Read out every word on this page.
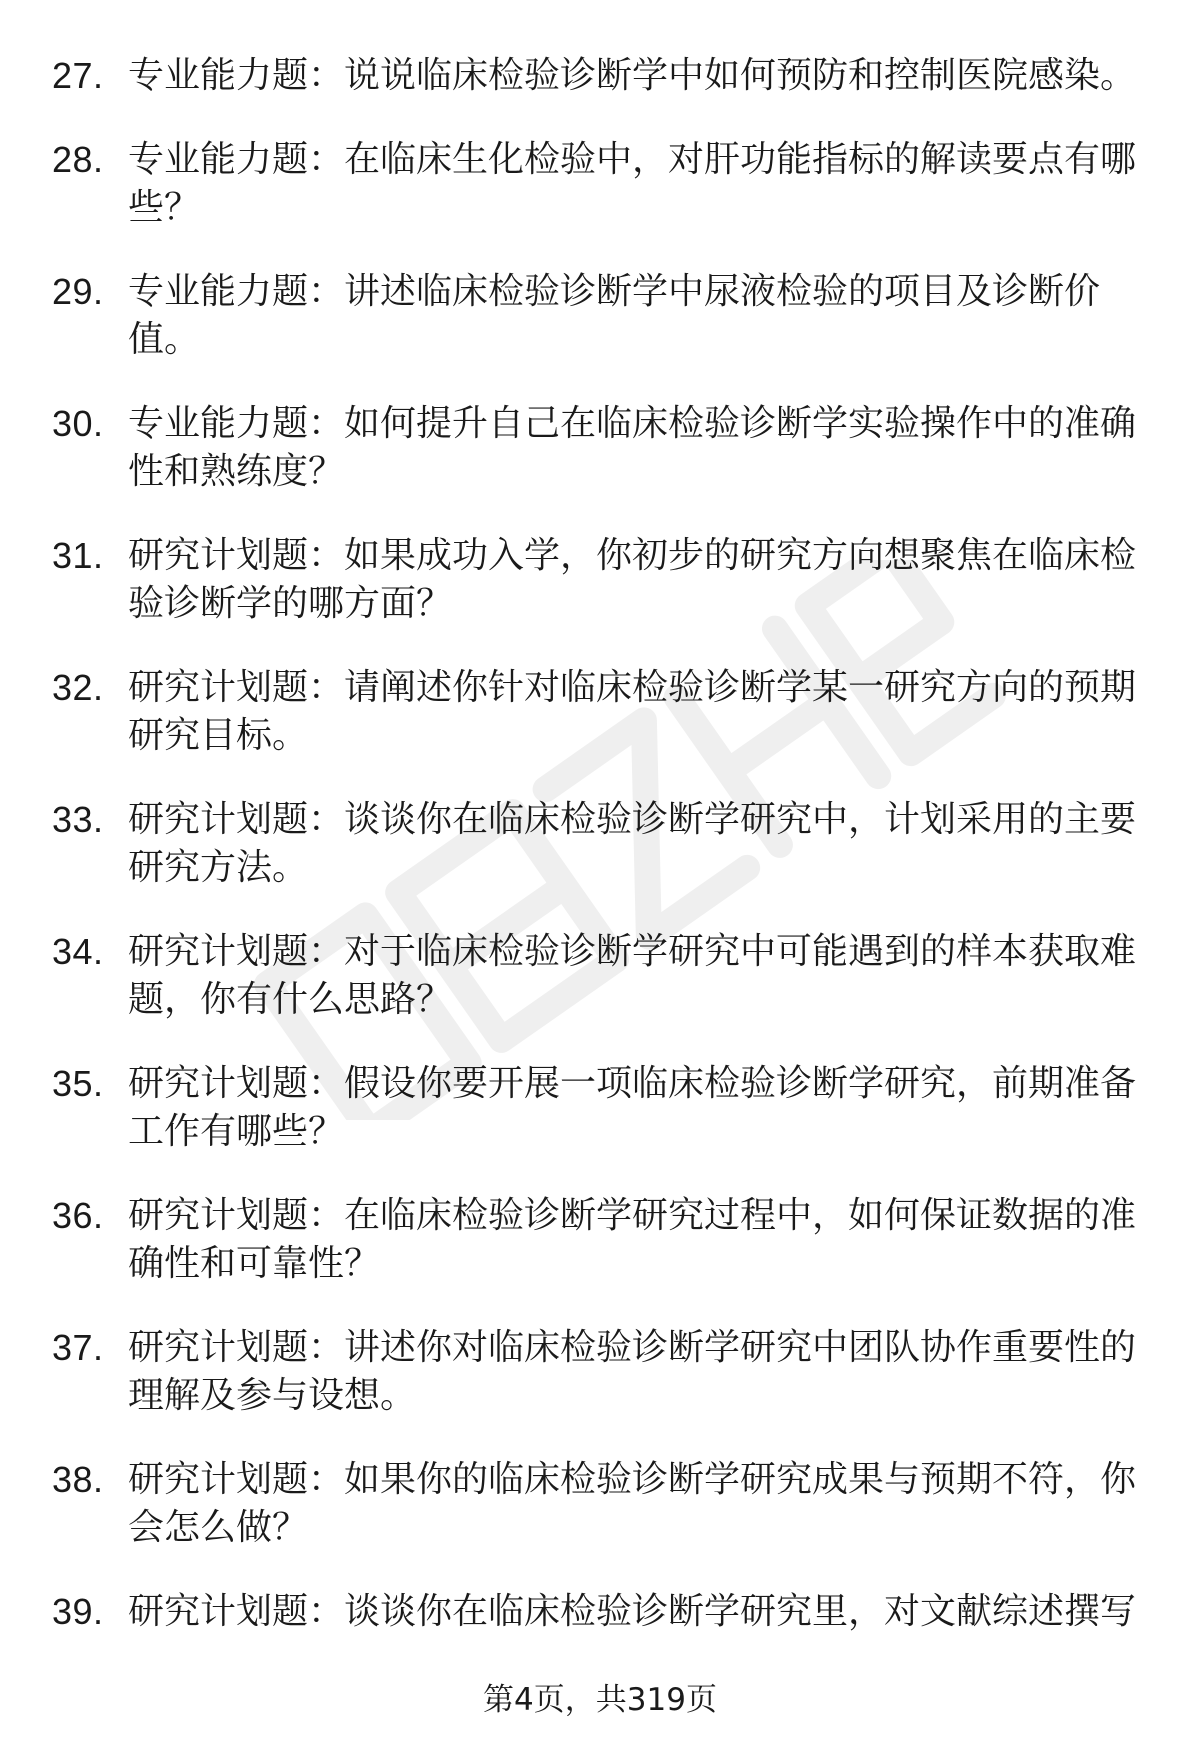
27. 专业能力题：说说临床检验诊断学中如何预防和控制医院感染。
28. 专业能力题：在临床生化检验中，对肝功能指标的解读要点有哪些？
29. 专业能力题：讲述临床检验诊断学中尿液检验的项目及诊断价值。
30. 专业能力题：如何提升自己在临床检验诊断学实验操作中的准确性和熟练度？
31. 研究计划题：如果成功入学，你初步的研究方向想聚焦在临床检验诊断学的哪方面？
32. 研究计划题：请阐述你针对临床检验诊断学某一研究方向的预期研究目标。
33. 研究计划题：谈谈你在临床检验诊断学研究中，计划采用的主要研究方法。
34. 研究计划题：对于临床检验诊断学研究中可能遇到的样本获取难题，你有什么思路？
35. 研究计划题：假设你要开展一项临床检验诊断学研究，前期准备工作有哪些？
36. 研究计划题：在临床检验诊断学研究过程中，如何保证数据的准确性和可靠性？
37. 研究计划题：讲述你对临床检验诊断学研究中团队协作重要性的理解及参与设想。
38. 研究计划题：如果你的临床检验诊断学研究成果与预期不符，你会怎么做？
39. 研究计划题：谈谈你在临床检验诊断学研究里，对文献综述撰写
第4页，共319页
